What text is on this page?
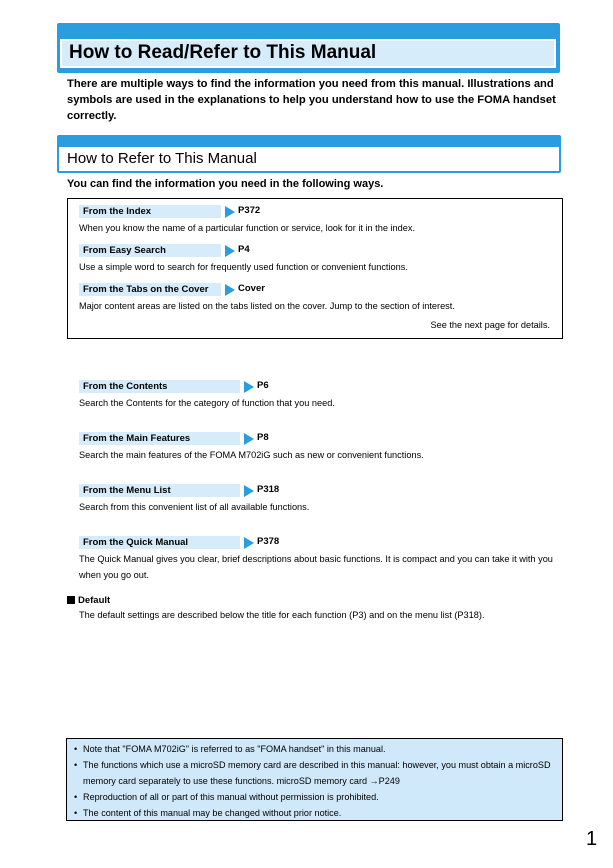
How to Read/Refer to This Manual
There are multiple ways to find the information you need from this manual. Illustrations and symbols are used in the explanations to help you understand how to use the FOMA handset correctly.
How to Refer to This Manual
You can find the information you need in the following ways.
See the next page for details.
From the Index	P372
When you know the name of a particular function or service, look for it in the index.
From Easy Search	P4
Use a simple word to search for frequently used function or convenient functions.
From the Tabs on the Cover	Cover
Major content areas are listed on the tabs listed on the cover. Jump to the section of interest.
From the Contents	P6
Search the Contents for the category of function that you need.
From the Main Features	P8
Search the main features of the FOMA M702iG such as new or convenient functions.
From the Menu List	P318
Search from this convenient list of all available functions.
From the Quick Manual	P378
The Quick Manual gives you clear, brief descriptions about basic functions. It is compact and you can take it with you when you go out.
Default
The default settings are described below the title for each function (P3) and on the menu list (P318).
• Note that "FOMA M702iG" is referred to as "FOMA handset" in this manual.
• The functions which use a microSD memory card are described in this manual: however, you must obtain a microSD memory card separately to use these functions. microSD memory card →P249
• Reproduction of all or part of this manual without permission is prohibited.
• The content of this manual may be changed without prior notice.
1
